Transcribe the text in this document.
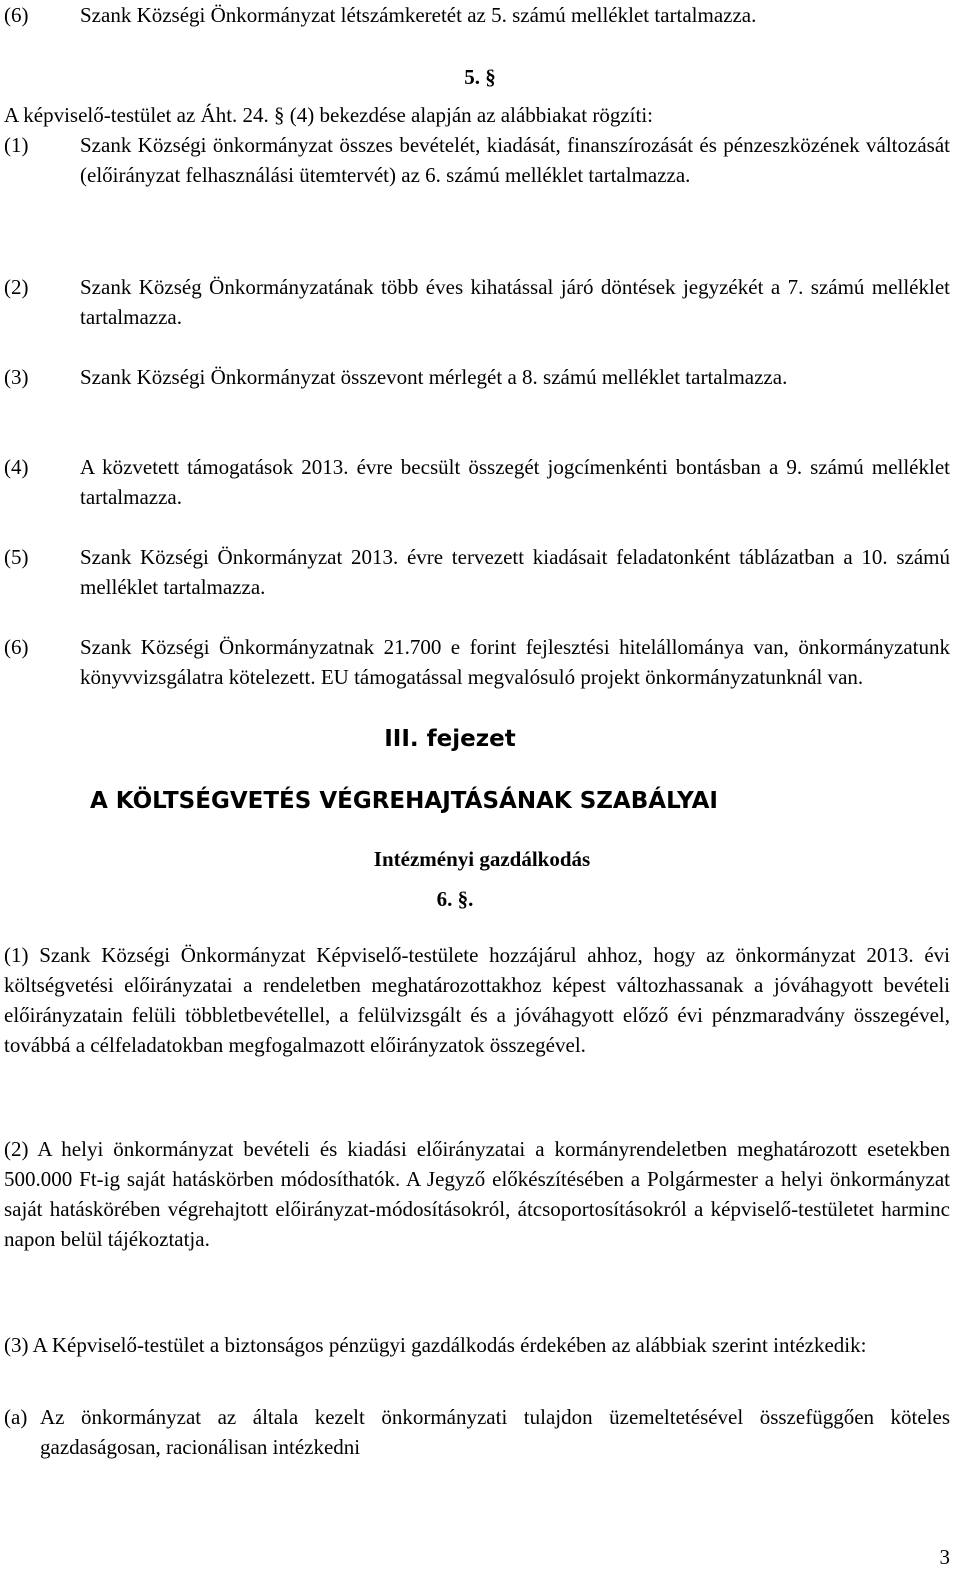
(6) Szank Községi Önkormányzat létszámkeretét az 5. számú melléklet tartalmazza.
5. §
A képviselő-testület az Áht. 24. § (4) bekezdése alapján az alábbiakat rögzíti:
(1) Szank Községi önkormányzat összes bevételét, kiadását, finanszírozását és pénzeszközének változását (előirányzat felhasználási ütemtervét) az 6. számú melléklet tartalmazza.
(2) Szank Község Önkormányzatának több éves kihatással járó döntések jegyzékét a 7. számú melléklet tartalmazza.
(3) Szank Községi Önkormányzat összevont mérlegét a 8. számú melléklet tartalmazza.
(4) A közvetett támogatások 2013. évre becsült összegét jogcímenkénti bontásban a 9. számú melléklet tartalmazza.
(5) Szank Községi Önkormányzat 2013. évre tervezett kiadásait feladatonként táblázatban a 10. számú melléklet tartalmazza.
(6) Szank Községi Önkormányzatnak 21.700 e forint fejlesztési hitelállománya van, önkormányzatunk könyvvizsgálatra kötelezett. EU támogatással megvalósuló projekt önkormányzatunknál van.
III. fejezet
A KÖLTSÉGVETÉS VÉGREHAJTÁSÁNAK SZABÁLYAI
Intézményi gazdálkodás
6. §.
(1) Szank Községi Önkormányzat Képviselő-testülete hozzájárul ahhoz, hogy az önkormányzat 2013. évi költségvetési előirányzatai a rendeletben meghatározottakhoz képest változhassanak a jóváhagyott bevételi előirányzatain felüli többletbevétellel, a felülvizsgált és a jóváhagyott előző évi pénzmaradvány összegével, továbbá a célfeladatokban megfogalmazott előirányzatok összegével.
(2) A helyi önkormányzat bevételi és kiadási előirányzatai a kormányrendeletben meghatározott esetekben 500.000 Ft-ig saját hatáskörben módosíthatók. A Jegyző előkészítésében a Polgármester a helyi önkormányzat saját hatáskörében végrehajtott előirányzat-módosításokról, átcsoportosításokról a képviselő-testületet harminc napon belül tájékoztatja.
(3) A Képviselő-testület a biztonságos pénzügyi gazdálkodás érdekében az alábbiak szerint intézkedik:
(a) Az önkormányzat az általa kezelt önkormányzati tulajdon üzemeltetésével összefüggően köteles gazdaságosan, racionálisan intézkedni
3
